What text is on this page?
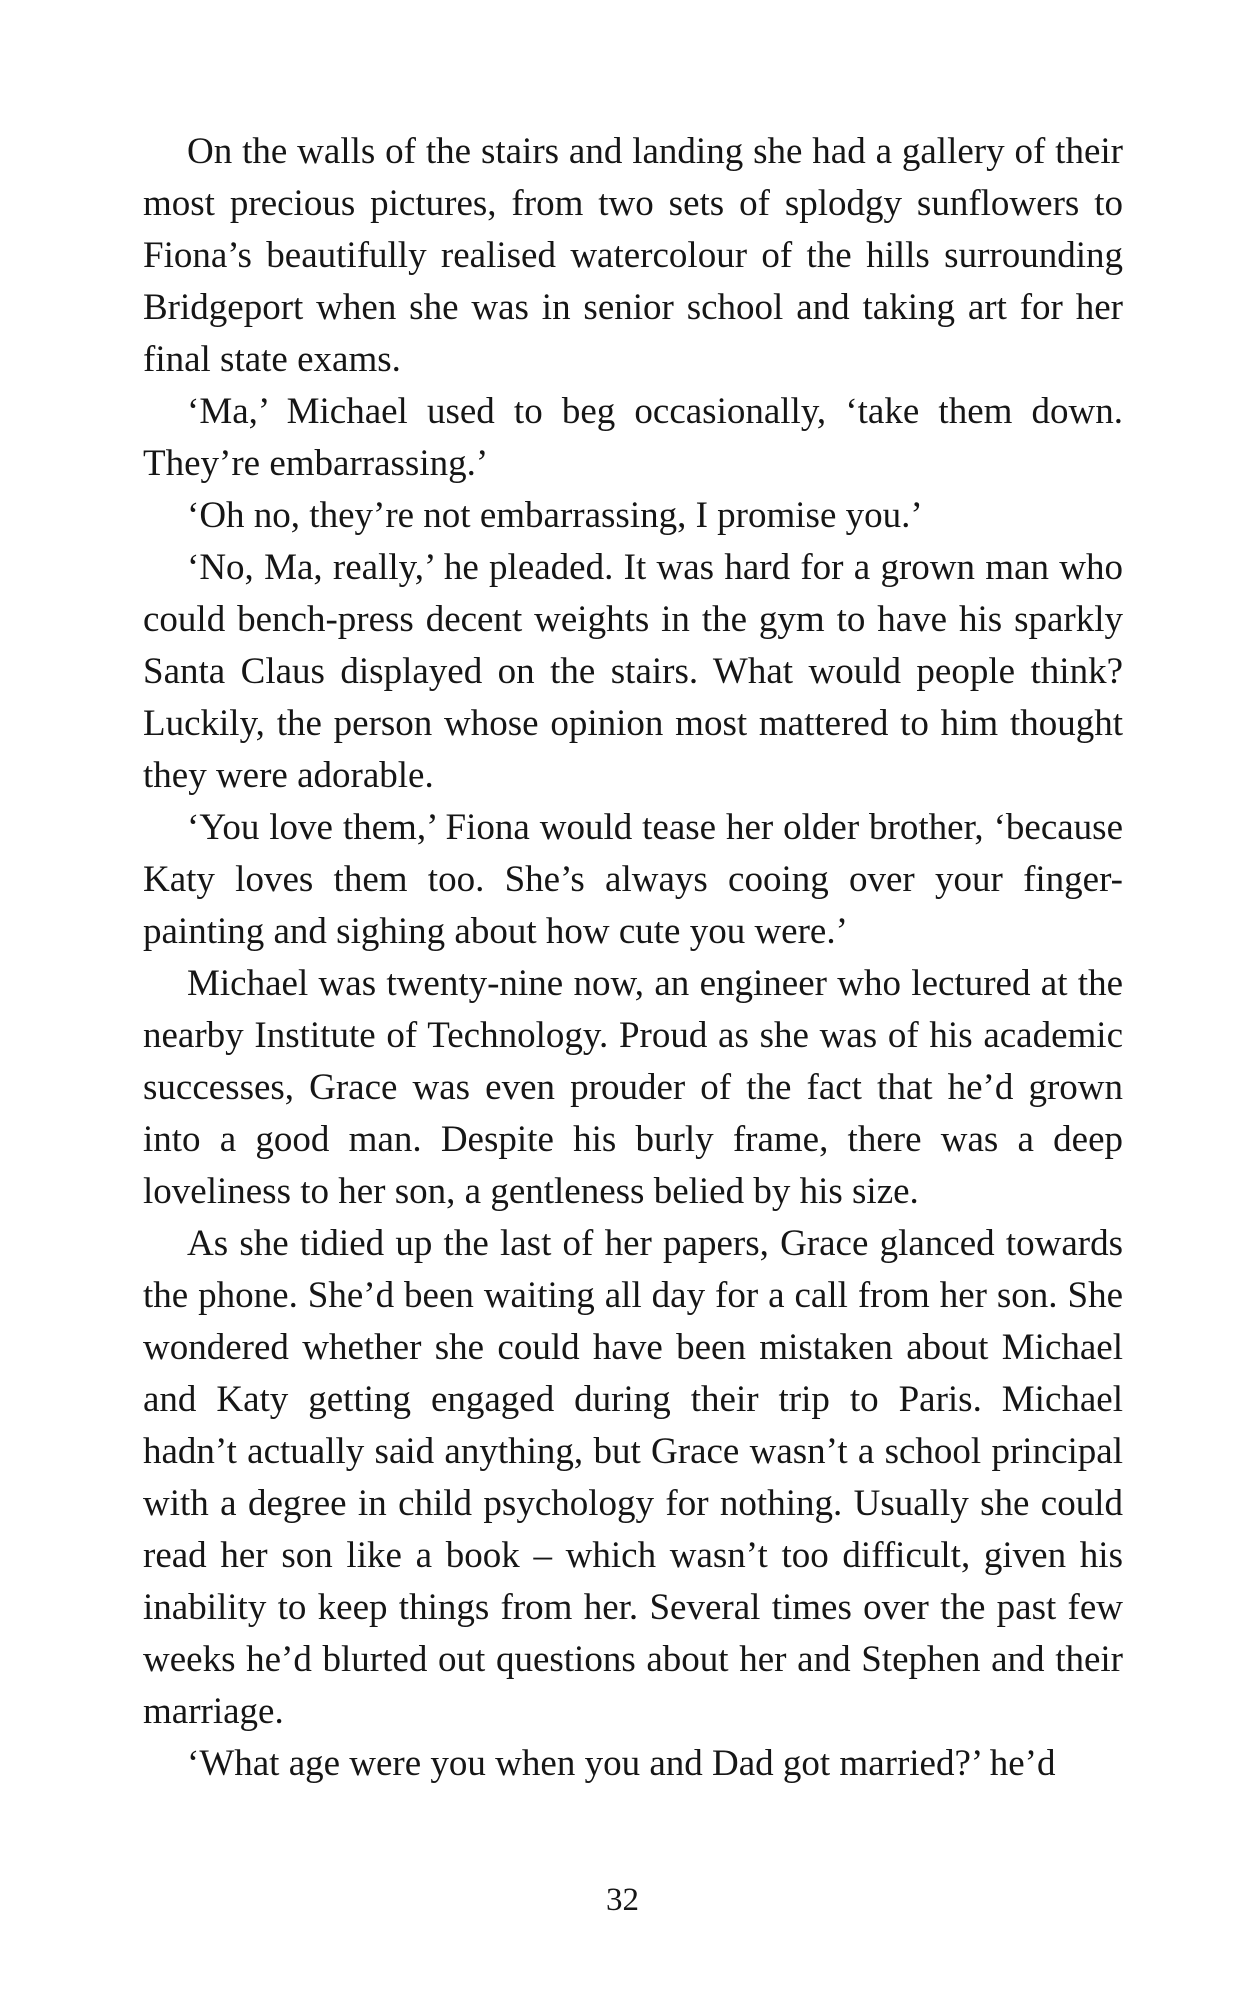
On the walls of the stairs and landing she had a gallery of their most precious pictures, from two sets of splodgy sunflowers to Fiona’s beautifully realised watercolour of the hills surrounding Bridgeport when she was in senior school and taking art for her final state exams.

‘Ma,’ Michael used to beg occasionally, ‘take them down. They’re embarrassing.’

‘Oh no, they’re not embarrassing, I promise you.’

‘No, Ma, really,’ he pleaded. It was hard for a grown man who could bench-press decent weights in the gym to have his sparkly Santa Claus displayed on the stairs. What would people think? Luckily, the person whose opinion most mattered to him thought they were adorable.

‘You love them,’ Fiona would tease her older brother, ‘because Katy loves them too. She’s always cooing over your finger-painting and sighing about how cute you were.’

Michael was twenty-nine now, an engineer who lectured at the nearby Institute of Technology. Proud as she was of his academic successes, Grace was even prouder of the fact that he’d grown into a good man. Despite his burly frame, there was a deep loveliness to her son, a gentleness belied by his size.

As she tidied up the last of her papers, Grace glanced towards the phone. She’d been waiting all day for a call from her son. She wondered whether she could have been mistaken about Michael and Katy getting engaged during their trip to Paris. Michael hadn’t actually said anything, but Grace wasn’t a school principal with a degree in child psychology for nothing. Usually she could read her son like a book – which wasn’t too difficult, given his inability to keep things from her. Several times over the past few weeks he’d blurted out questions about her and Stephen and their marriage.

‘What age were you when you and Dad got married?’ he’d

32
